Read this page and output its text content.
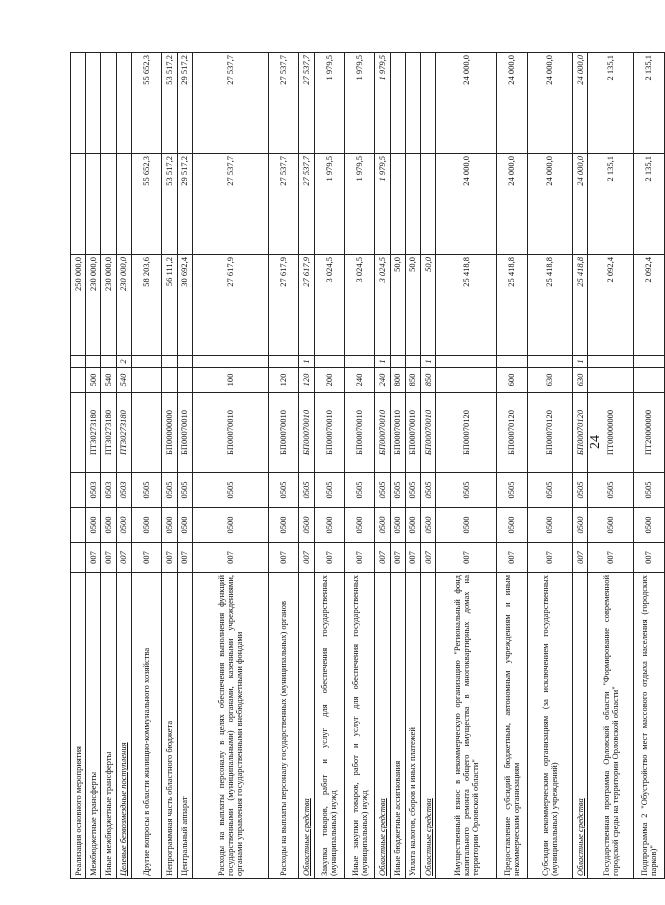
24
Реализация основного мероприятия							250 000,0		
Межбюджетные трансферты	007	0500	0503	ПТ30273180	500		230 000,0		
Иные межбюджетные трансферты	007	0500	0503	ПТ30273180	540		230 000,0		
Целевые безвозмездные поступления	007	0500	0503	ПТ30273180	540	2	230 000,0		
Другие вопросы в области жилищно-коммунального хозяйства	007	0500	0505				58 203,6	55 652,3	55 652,3
Непрограммная часть областного бюджета	007	0500	0505	БП00000000			56 111,2	53 517,2	53 517,2
Центральный аппарат	007	0500	0505	БП00070010			30 692,4	29 517,2	29 517,2
Расходы на выплаты персоналу в целях обеспечения выполнения функций государственными (муниципальными) органами, казенными учреждениями, органами управления государственными внебюджетными фондами	007	0500	0505	БП00070010	100		27 617,9	27 537,7	27 537,7
Расходы на выплаты персоналу государственных (муниципальных) органов	007	0500	0505	БП00070010	120		27 617,9	27 537,7	27 537,7
Областные средства	007	0500	0505	БП00070010	120	1	27 617,9	27 537,7	27 537,7
Закупка товаров, работ и услуг для обеспечения государственных (муниципальных) нужд	007	0500	0505	БП00070010	200		3 024,5	1 979,5	1 979,5
Иные закупки товаров, работ и услуг для обеспечения государственных (муниципальных) нужд	007	0500	0505	БП00070010	240		3 024,5	1 979,5	1 979,5
Областные средства	007	0500	0505	БП00070010	240	1	3 024,5	1 979,5	1 979,5
Иные бюджетные ассигнования	007	0500	0505	БП00070010	800		50,0		
Уплата налогов, сборов и иных платежей	007	0500	0505	БП00070010	850		50,0		
Областные средства	007	0500	0505	БП00070010	850	1	50,0		
Имущественный взнос в некоммерческую организацию "Региональный фонд капитального ремонта общего имущества в многоквартирных домах на территории Орловской области"	007	0500	0505	БП00070120			25 418,8	24 000,0	24 000,0
Предоставление субсидий бюджетным, автономным учреждениям и иным некоммерческим организациям	007	0500	0505	БП00070120	600		25 418,8	24 000,0	24 000,0
Субсидии некоммерческим организациям (за исключением государственных (муниципальных) учреждений)	007	0500	0505	БП00070120	630		25 418,8	24 000,0	24 000,0
Областные средства	007	0500	0505	БП00070120	630	1	25 418,8	24 000,0	24 000,0
Государственная программа Орловской области "Формирование современной городской среды на территории Орловской области"	007	0500	0505	ПТ00000000			2 092,4	2 135,1	2 135,1
Подпрограмма 2 "Обустройство мест массового отдыха населения (городских парков)"	007	0500	0505	ПТ20000000			2 092,4	2 135,1	2 135,1
